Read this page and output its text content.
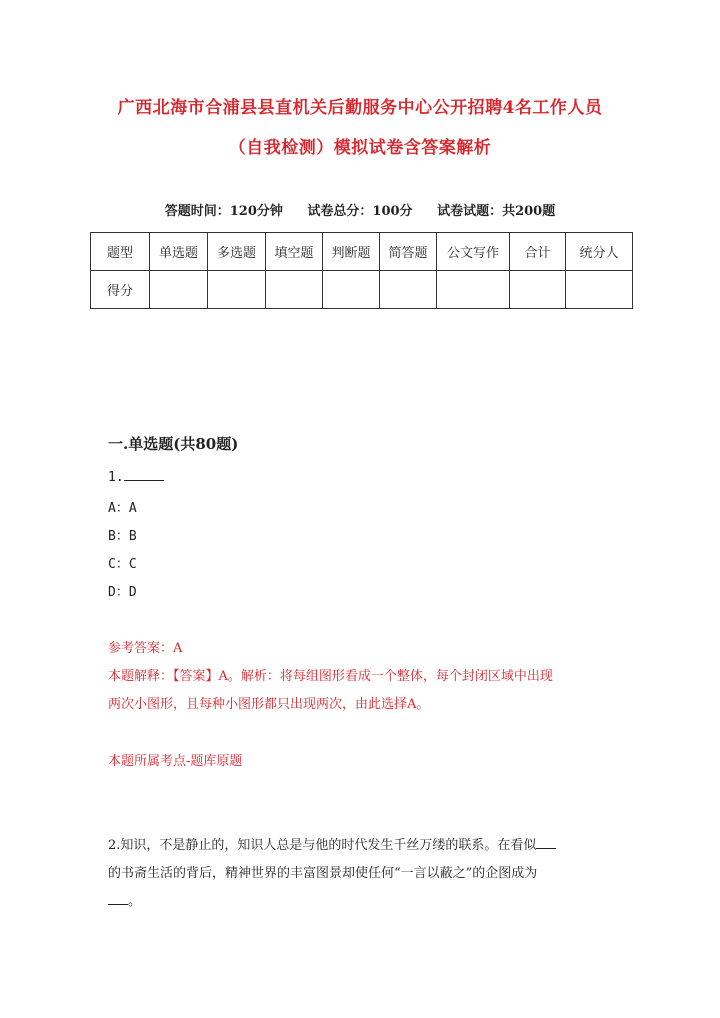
广西北海市合浦县县直机关后勤服务中心公开招聘4名工作人员
（自我检测）模拟试卷含答案解析
答题时间：120分钟 试卷总分：100分 试卷试题：共200题
题型	单选题	多选题	填空题	判断题	简答题	公文写作	合计	统分人
得分								
一.单选题(共80题)
1.
A：A
B：B
C：C
D：D
参考答案：A
本题解释：【答案】A。解析：将每组图形看成一个整体，每个封闭区域中出现
两次小图形，且每种小图形都只出现两次，由此选择A。
本题所属考点-题库原题
2.知识，不是静止的，知识人总是与他的时代发生千丝万缕的联系。在看似
的书斋生活的背后，精神世界的丰富图景却使任何“一言以蔽之”的企图成为
。
